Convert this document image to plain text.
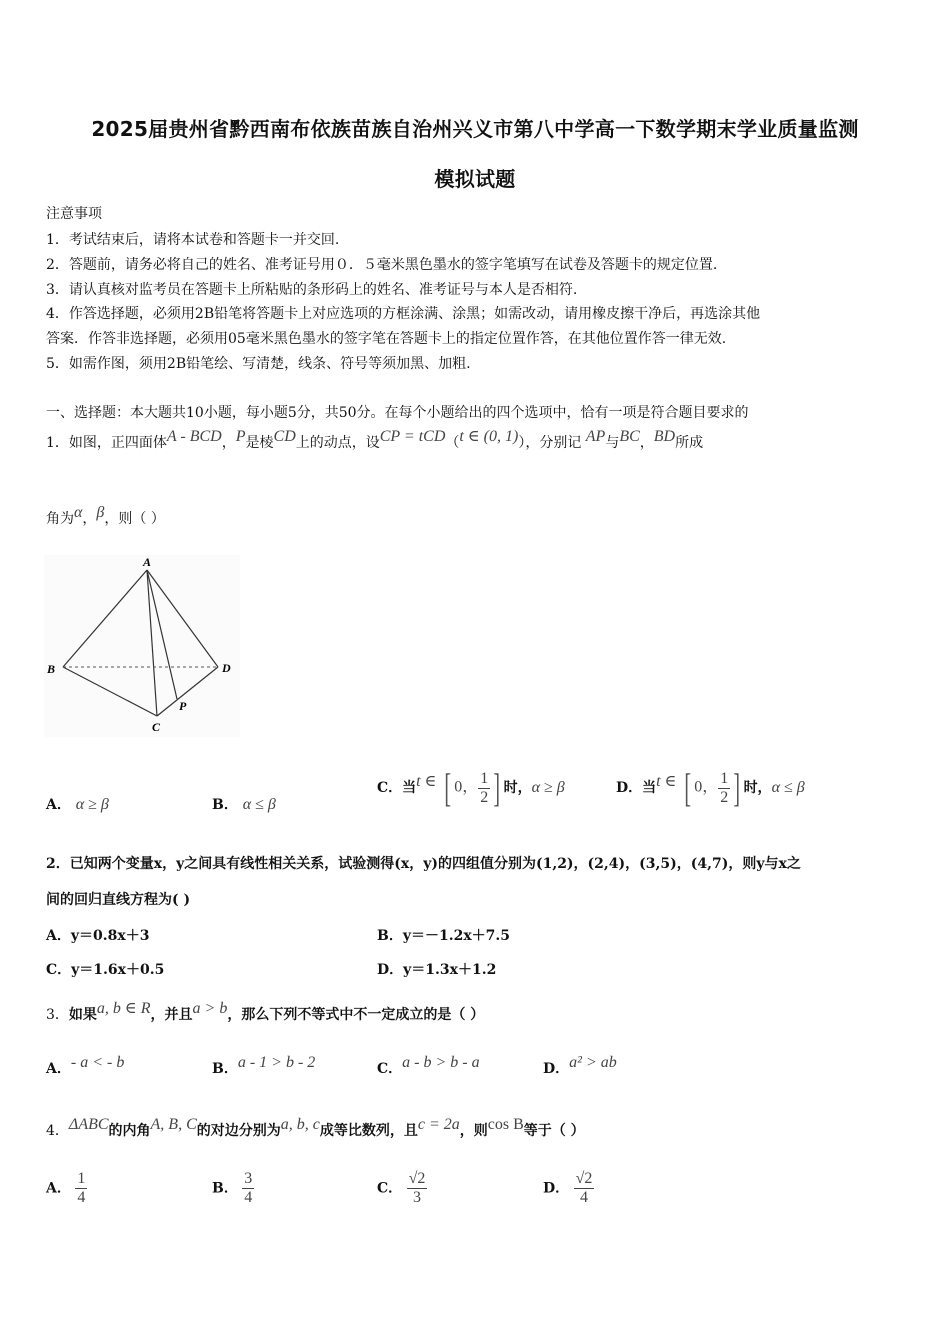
2025届贵州省黔西南布依族苗族自治州兴义市第八中学高一下数学期末学业质量监测
模拟试题
注意事项
1．考试结束后，请将本试卷和答题卡一并交回.
2．答题前，请务必将自己的姓名、准考证号用０．５毫米黑色墨水的签字笔填写在试卷及答题卡的规定位置.
3．请认真核对监考员在答题卡上所粘贴的条形码上的姓名、准考证号与本人是否相符.
4．作答选择题，必须用2B铅笔将答题卡上对应选项的方框涂满、涂黑；如需改动，请用橡皮擦干净后，再选涂其他
答案．作答非选择题，必须用05毫米黑色墨水的签字笔在答题卡上的指定位置作答，在其他位置作答一律无效.
5．如需作图，须用2B铅笔绘、写清楚，线条、符号等须加黑、加粗.
一、选择题：本大题共10小题，每小题5分，共50分。在每个小题给出的四个选项中，恰有一项是符合题目要求的
1．如图，正四面体A - BCD，P是棱CD上的动点，设CP = tCD（t ∈ (0, 1)），分别记 AP与BC，BD所成
角为α，β，则（ ）
A
B
C
D
P
A． α ≥ β	B． α ≤ β
C．当t ∈ [ 0， $\frac{1}{2}$ ] 时，α ≥ β	D．当t ∈ [ 0， $\frac{1}{2}$ ] 时，α ≤ β
2．已知两个变量x，y之间具有线性相关关系，试验测得(x，y)的四组值分别为(1,2)，(2,4)，(3,5)，(4,7)，则y与x之
间的回归直线方程为( )
A．y＝0.8x＋3	B．y＝－1.2x＋7.5
C．y＝1.6x＋0.5	D．y＝1.3x＋1.2
3．如果a, b ∈ R，并且a > b，那么下列不等式中不一定成立的是（ ）
A．- a < - b	B．a - 1 > b - 2	C．a - b > b - a	D．a² > ab
4．ΔABC的内角A, B, C的对边分别为a, b, c成等比数列，且c = 2a，则cos B等于（ ）
A． $\frac{1}{4}$	B． $\frac{3}{4}$	C． $\frac{√2}{3}$	D． $\frac{√2}{4}$
